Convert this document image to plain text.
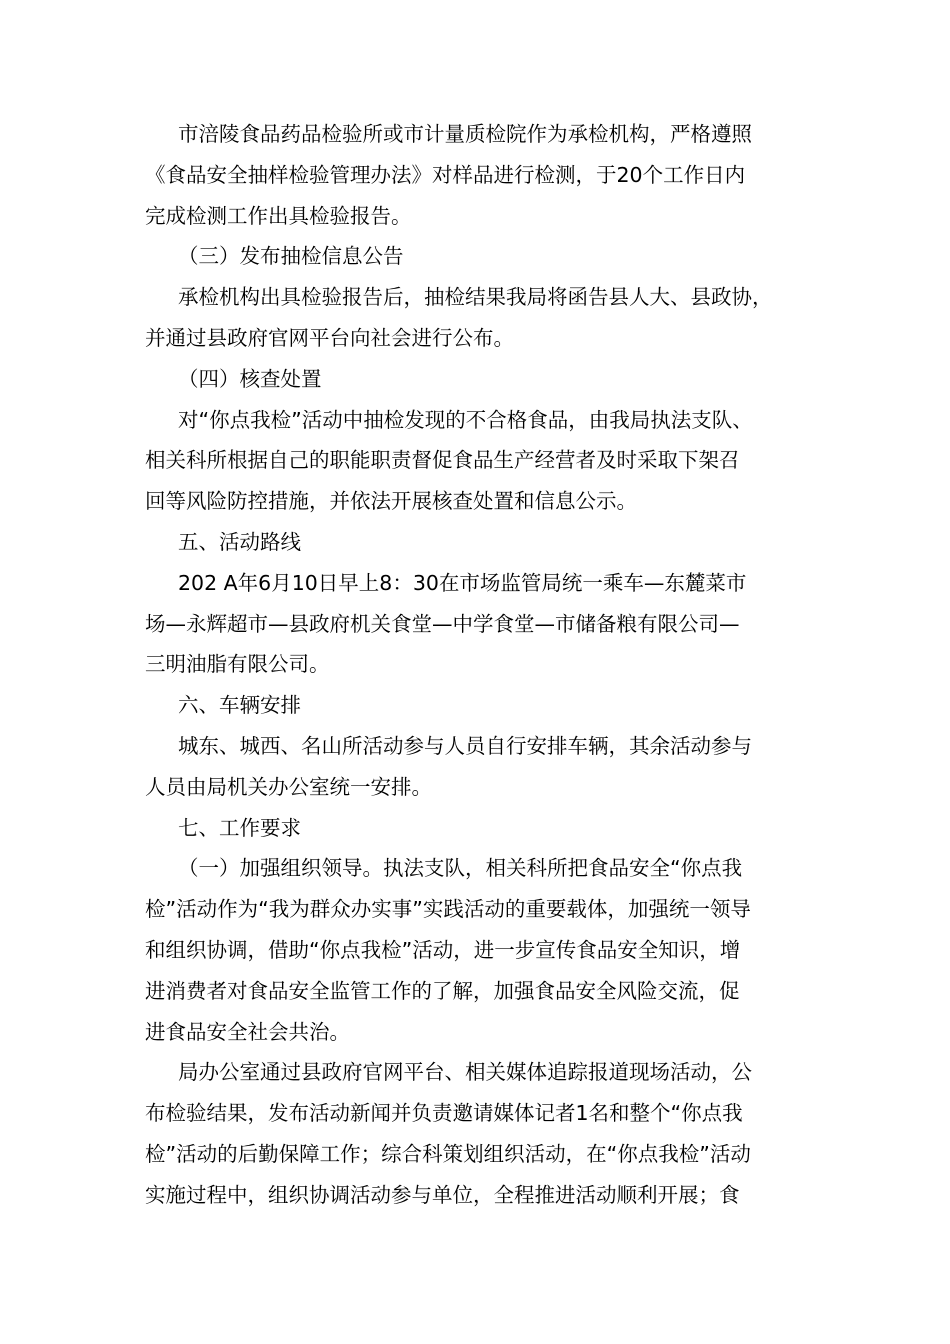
市涪陵食品药品检验所或市计量质检院作为承检机构，严格遵照
《食品安全抽样检验管理办法》对样品进行检测，于20个工作日内
完成检测工作出具检验报告。
（三）发布抽检信息公告
承检机构出具检验报告后，抽检结果我局将函告县人大、县政协，
并通过县政府官网平台向社会进行公布。
（四）核查处置
对“你点我检”活动中抽检发现的不合格食品，由我局执法支队、
相关科所根据自己的职能职责督促食品生产经营者及时采取下架召
回等风险防控措施，并依法开展核查处置和信息公示。
五、活动路线
202 A年6月10日早上8：30在市场监管局统一乘车—东麓菜市
场—永辉超市—县政府机关食堂—中学食堂—市储备粮有限公司—
三明油脂有限公司。
六、车辆安排
城东、城西、名山所活动参与人员自行安排车辆，其余活动参与
人员由局机关办公室统一安排。
七、工作要求
（一）加强组织领导。执法支队，相关科所把食品安全“你点我
检”活动作为“我为群众办实事”实践活动的重要载体，加强统一领导
和组织协调，借助“你点我检”活动，进一步宣传食品安全知识，增
进消费者对食品安全监管工作的了解，加强食品安全风险交流，促
进食品安全社会共治。
局办公室通过县政府官网平台、相关媒体追踪报道现场活动，公
布检验结果，发布活动新闻并负责邀请媒体记者1名和整个“你点我
检”活动的后勤保障工作；综合科策划组织活动，在“你点我检”活动
实施过程中，组织协调活动参与单位，全程推进活动顺利开展；食
